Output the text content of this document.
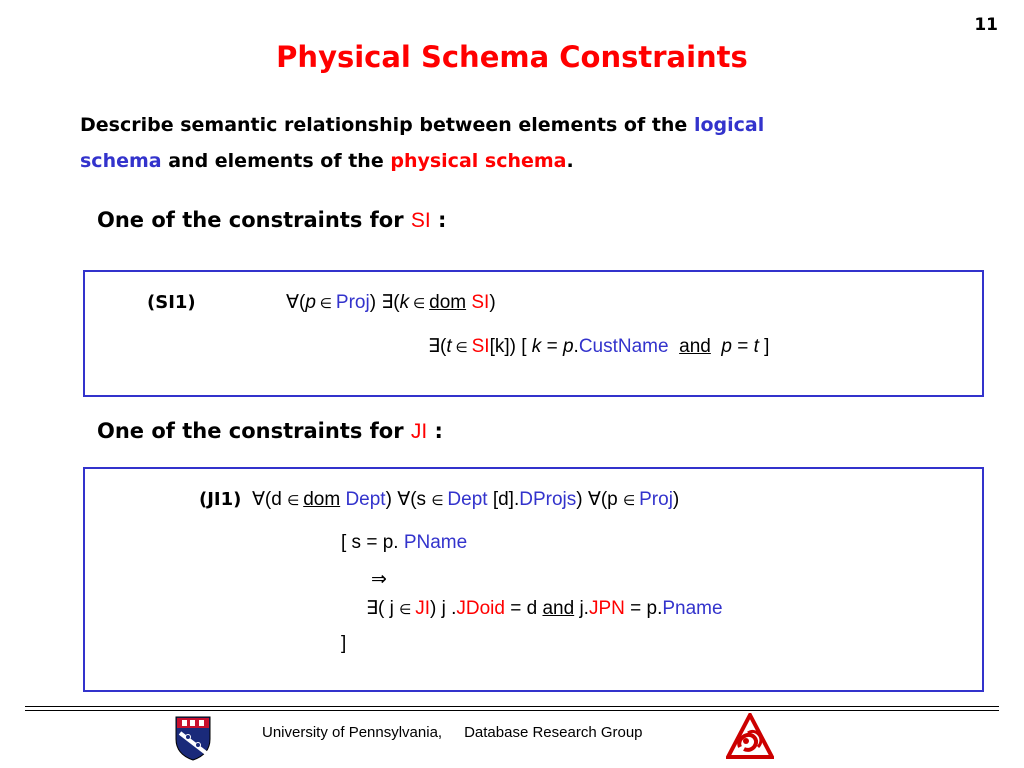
11
Physical Schema Constraints
Describe semantic relationship between elements of the logical
schema and elements of the physical schema.
One of the constraints for SI :
(SI1)	∀(p ∈ Proj) ∃(k ∈ dom SI)
∃(t ∈ SI[k]) [ k = p.CustName and p = t ]
One of the constraints for JI :
(JI1) ∀(d ∈ dom Dept) ∀(s ∈ Dept [d].DProjs) ∀(p ∈ Proj)
[ s = p. PName
⇒
∃( j ∈ JI) j .JDoid = d and j.JPN = p.Pname
]
University of Pennsylvania, Database Research Group
